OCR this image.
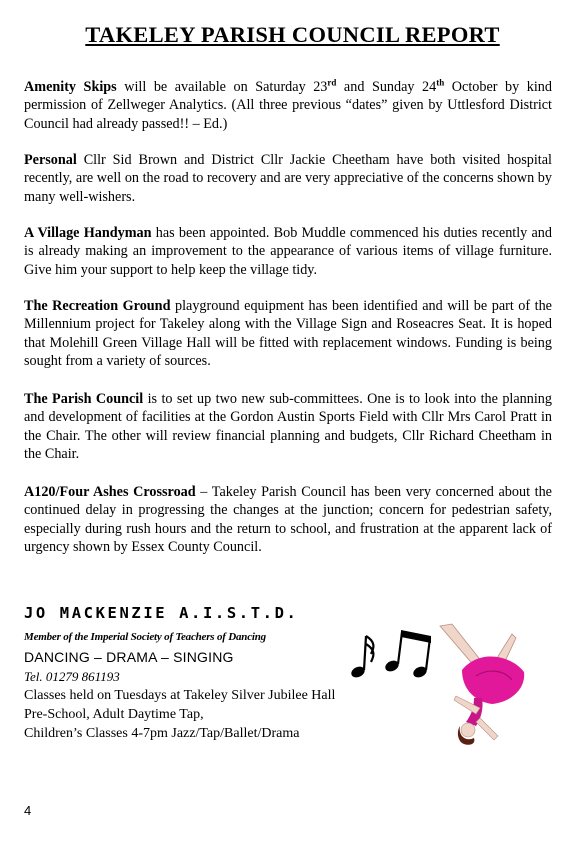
TAKELEY PARISH COUNCIL REPORT

Amenity Skips will be available on Saturday 23rd and Sunday 24th October by kind permission of Zellweger Analytics. (All three previous “dates” given by Uttlesford District Council had already passed!! – Ed.)

Personal Cllr Sid Brown and District Cllr Jackie Cheetham have both visited hospital recently, are well on the road to recovery and are very appreciative of the concerns shown by many well-wishers.

A Village Handyman has been appointed. Bob Muddle commenced his duties recently and is already making an improvement to the appearance of various items of village furniture. Give him your support to help keep the village tidy.

The Recreation Ground playground equipment has been identified and will be part of the Millennium project for Takeley along with the Village Sign and Roseacres Seat. It is hoped that Molehill Green Village Hall will be fitted with replacement windows. Funding is being sought from a variety of sources.

The Parish Council is to set up two new sub-committees. One is to look into the planning and development of facilities at the Gordon Austin Sports Field with Cllr Mrs Carol Pratt in the Chair. The other will review financial planning and budgets, Cllr Richard Cheetham in the Chair.

A120/Four Ashes Crossroad – Takeley Parish Council has been very concerned about the continued delay in progressing the changes at the junction; concern for pedestrian safety, especially during rush hours and the return to school, and frustration at the apparent lack of urgency shown by Essex County Council.

JO MACKENZIE A.I.S.T.D.
Member of the Imperial Society of Teachers of Dancing
DANCING – DRAMA – SINGING
Tel. 01279 861193
Classes held on Tuesdays at Takeley Silver Jubilee Hall
Pre-School, Adult Daytime Tap,
Children’s Classes 4-7pm Jazz/Tap/Ballet/Drama
4
